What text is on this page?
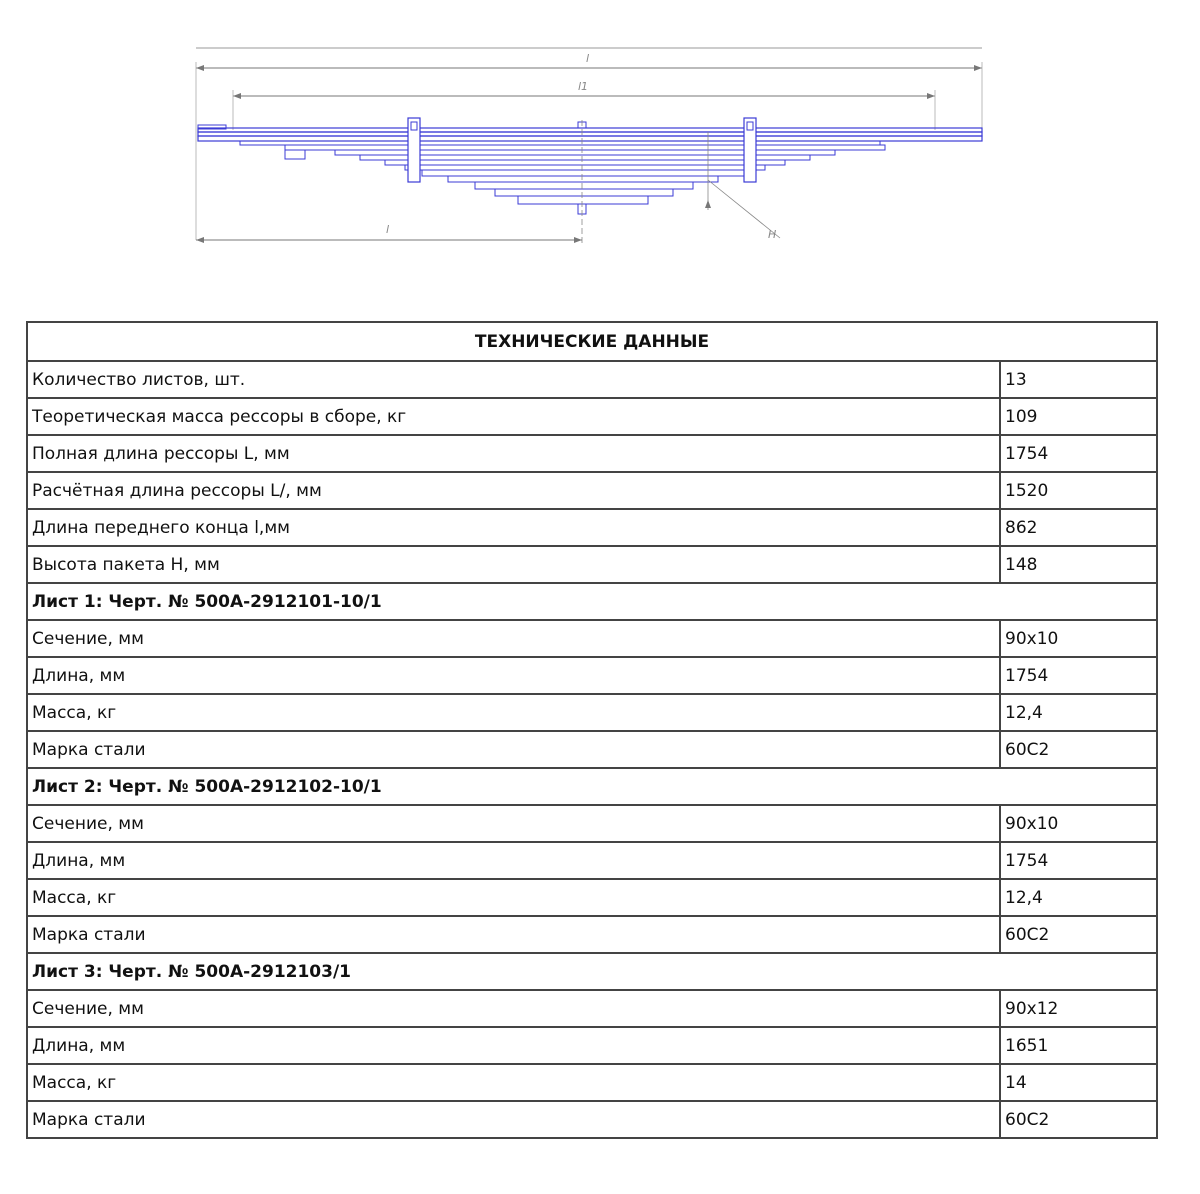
l
l1
H
l
ТЕХНИЧЕСКИЕ ДАННЫЕ	
Количество листов, шт.	13
Теоретическая масса рессоры в сборе, кг	109
Полная длина рессоры L, мм	1754
Расчётная длина рессоры L/, мм	1520
Длина переднего конца l,мм	862
Высота пакета H, мм	148
Лист 1: Черт. № 500А-2912101-10/1	
Сечение, мм	90х10
Длина, мм	1754
Масса, кг	12,4
Марка стали	60С2
Лист 2: Черт. № 500А-2912102-10/1	
Сечение, мм	90х10
Длина, мм	1754
Масса, кг	12,4
Марка стали	60С2
Лист 3: Черт. № 500А-2912103/1	
Сечение, мм	90х12
Длина, мм	1651
Масса, кг	14
Марка стали	60С2
